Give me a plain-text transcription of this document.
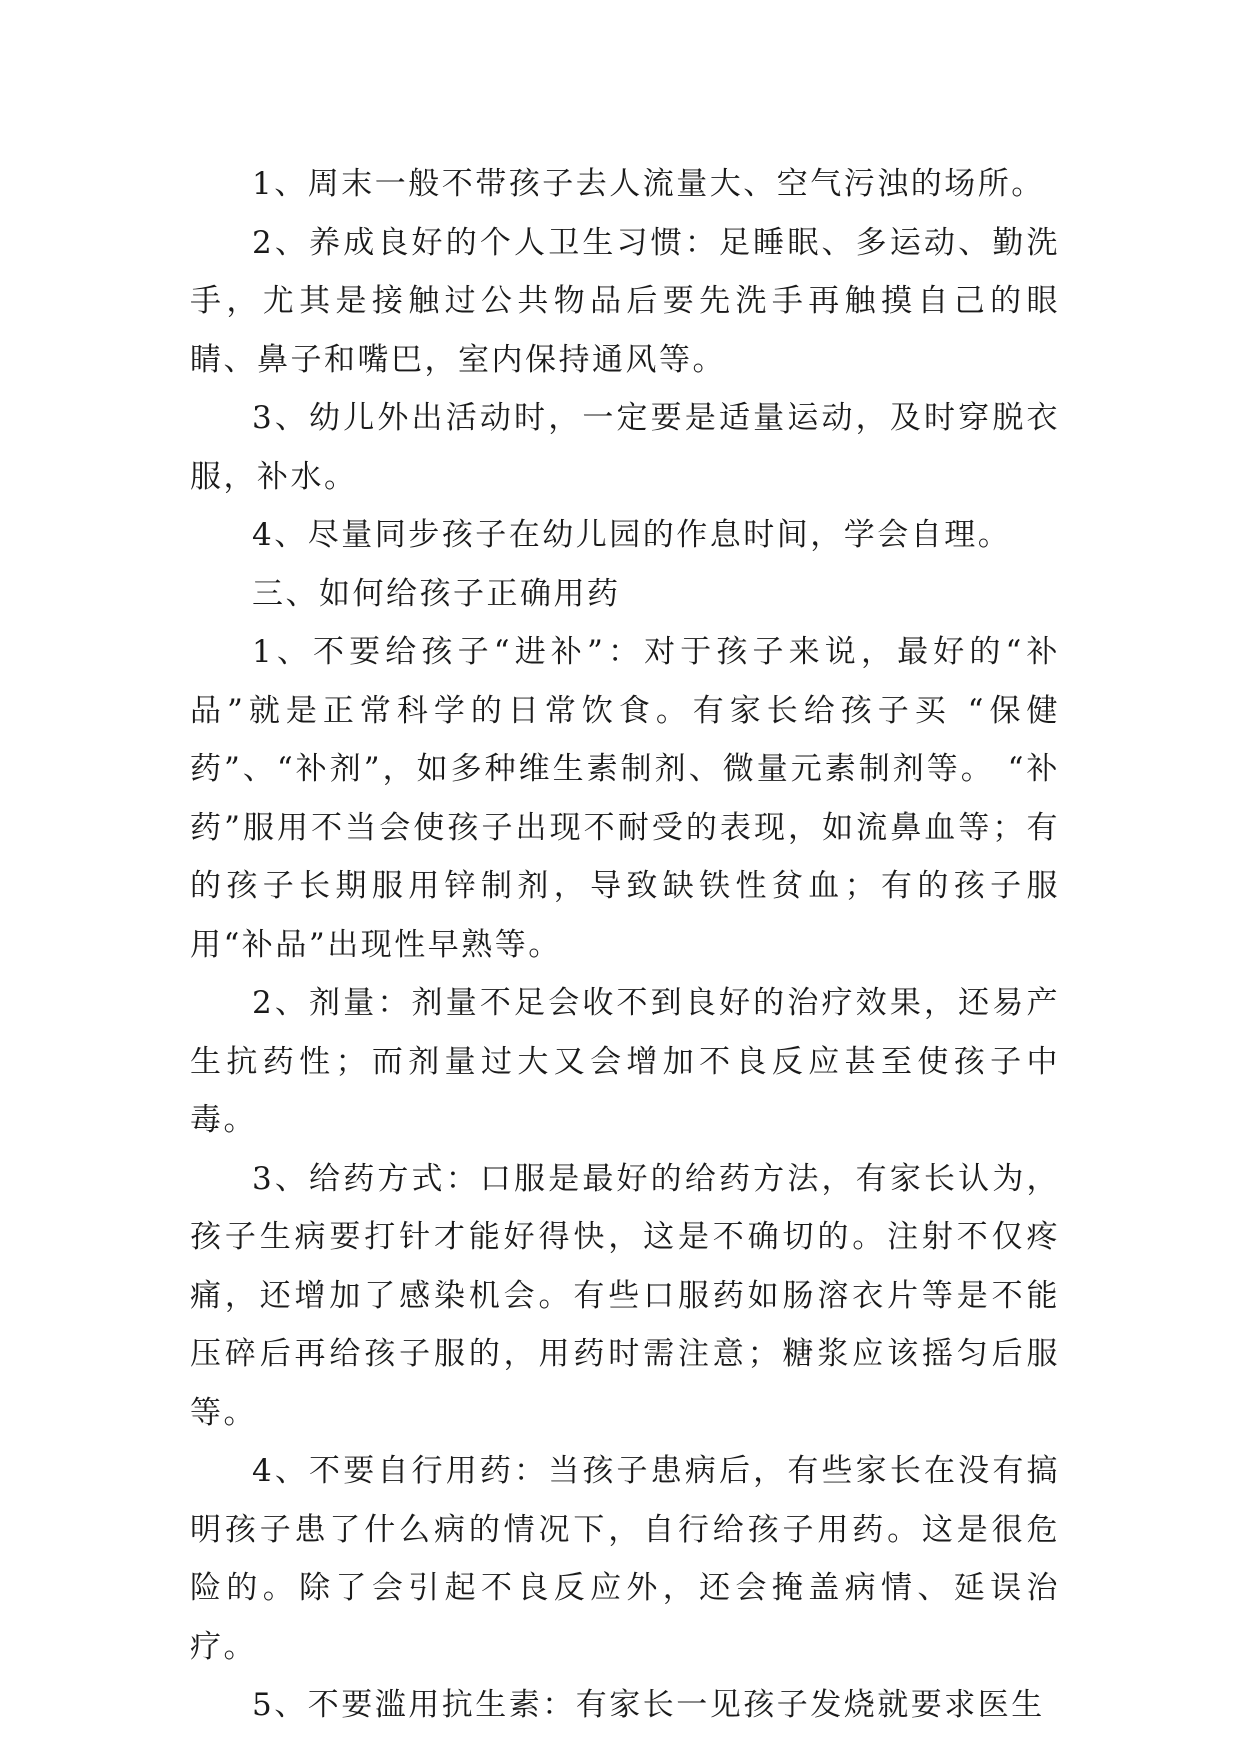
1、周末一般不带孩子去人流量大、空气污浊的场所。

2、养成良好的个人卫生习惯：足睡眠、多运动、勤洗手，尤其是接触过公共物品后要先洗手再触摸自己的眼睛、鼻子和嘴巴，室内保持通风等。

3、幼儿外出活动时，一定要是适量运动，及时穿脱衣服，补水。

4、尽量同步孩子在幼儿园的作息时间，学会自理。

三、如何给孩子正确用药

1、不要给孩子“进补”：对于孩子来说，最好的“补品”就是正常科学的日常饮食。有家长给孩子买 “保健药”、“补剂”，如多种维生素制剂、微量元素制剂等。 “补药”服用不当会使孩子出现不耐受的表现，如流鼻血等；有的孩子长期服用锌制剂，导致缺铁性贫血；有的孩子服用“补品”出现性早熟等。

2、剂量：剂量不足会收不到良好的治疗效果，还易产生抗药性；而剂量过大又会增加不良反应甚至使孩子中毒。

3、给药方式：口服是最好的给药方法，有家长认为，孩子生病要打针才能好得快，这是不确切的。注射不仅疼痛，还增加了感染机会。有些口服药如肠溶衣片等是不能压碎后再给孩子服的，用药时需注意；糖浆应该摇匀后服等。

4、不要自行用药：当孩子患病后，有些家长在没有搞明孩子患了什么病的情况下，自行给孩子用药。这是很危险的。除了会引起不良反应外，还会掩盖病情、延误治疗。

5、不要滥用抗生素：有家长一见孩子发烧就要求医生
